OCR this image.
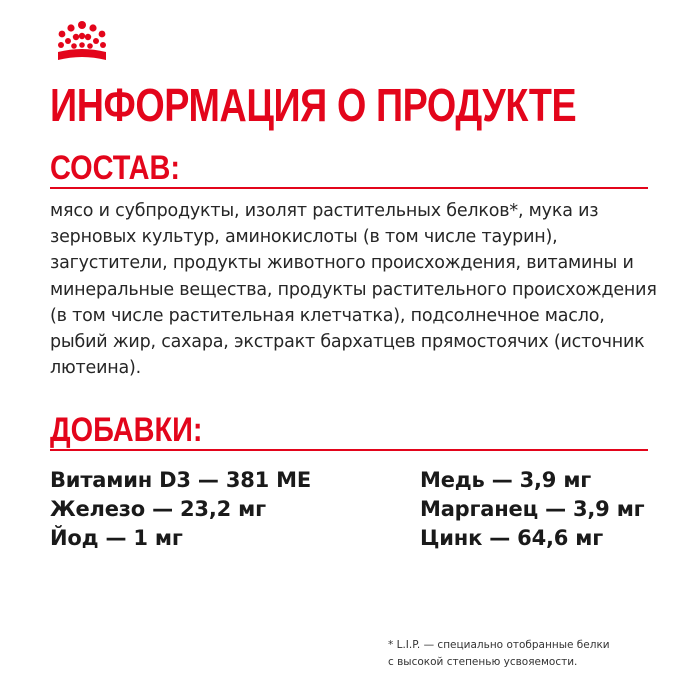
ИНФОРМАЦИЯ О ПРОДУКТЕ
СОСТАВ:

мясо и субпродукты, изолят растительных белков*, мука из зерновых культур, аминокислоты (в том числе таурин), загустители, продукты животного происхождения, витамины и минеральные вещества, продукты растительного происхождения (в том числе растительная клетчатка), подсолнечное масло, рыбий жир, сахара, экстракт бархатцев прямостоячих (источник лютеина).

ДОБАВКИ:
Витамин D3 — 381 МЕ
Железо — 23,2 мг
Йод — 1 мг
Медь — 3,9 мг
Марганец — 3,9 мг
Цинк — 64,6 мг

* L.I.P. — специально отобранные белки
с высокой степенью усвояемости.
